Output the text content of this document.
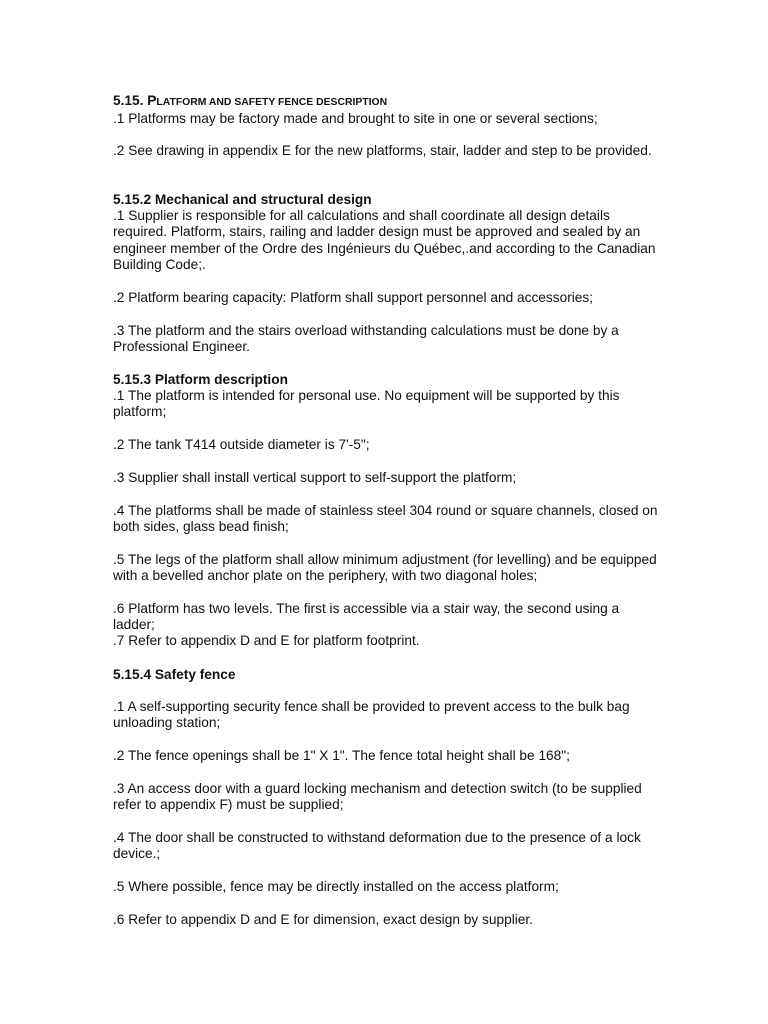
5.15. PLATFORM AND SAFETY FENCE DESCRIPTION
.1 Platforms may be factory made and brought to site in one or several sections;
.2 See drawing in appendix E for the new platforms, stair, ladder and step to be provided.
5.15.2 Mechanical and structural design
.1 Supplier is responsible for all calculations and shall coordinate all design details required. Platform, stairs, railing and ladder design must be approved and sealed by an engineer member of the Ordre des Ingénieurs du Québec,.and according to the Canadian Building Code;.
.2 Platform bearing capacity: Platform shall support personnel and accessories;
.3 The platform and the stairs overload withstanding calculations must be done by a Professional Engineer.
5.15.3 Platform description
.1 The platform is intended for personal use. No equipment will be supported by this platform;
.2 The tank T414 outside diameter is 7'-5";
.3 Supplier shall install vertical support to self-support the platform;
.4 The platforms shall be made of stainless steel 304 round or square channels, closed on both sides, glass bead finish;
.5 The legs of the platform shall allow minimum adjustment (for levelling) and be equipped with a bevelled anchor plate on the periphery, with two diagonal holes;
.6 Platform has two levels. The first is accessible via a stair way, the second using a ladder;
.7 Refer to appendix D and E for platform footprint.
5.15.4 Safety fence
.1 A self-supporting security fence shall be provided to prevent access to the bulk bag unloading station;
.2 The fence openings shall be 1" X 1". The fence total height shall be 168";
.3 An access door with a guard locking mechanism and detection switch (to be supplied refer to appendix F) must be supplied;
.4 The door shall be constructed to withstand deformation due to the presence of a lock device.;
.5 Where possible, fence may be directly installed on the access platform;
.6 Refer to appendix D and E for dimension, exact design by supplier.
